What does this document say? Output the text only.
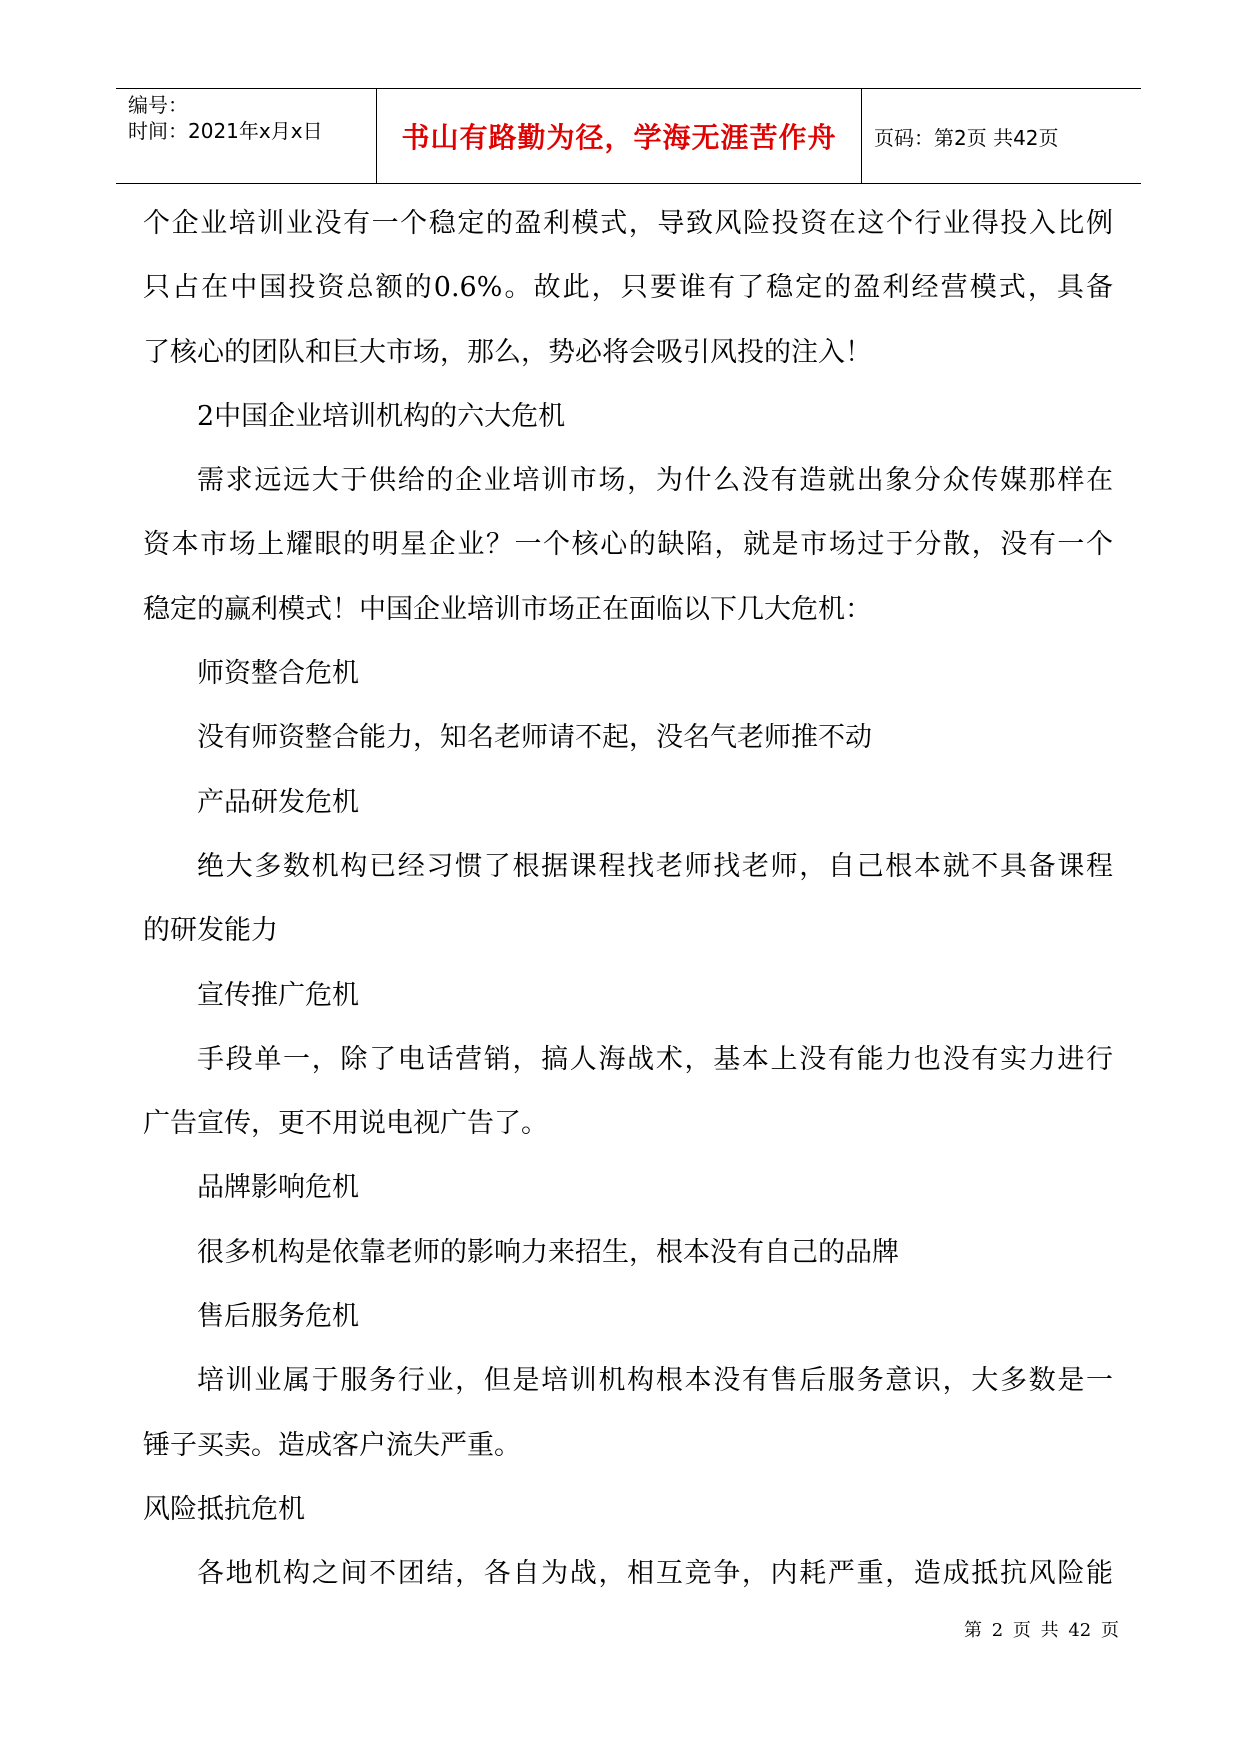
编号：
时间：2021年x月x日	书山有路勤为径，学海无涯苦作舟 页码：第2页 共42页
个企业培训业没有一个稳定的盈利模式，导致风险投资在这个行业得投入比例
只占在中国投资总额的0.6%。故此，只要谁有了稳定的盈利经营模式，具备
了核心的团队和巨大市场，那么，势必将会吸引风投的注入！
2中国企业培训机构的六大危机
需求远远大于供给的企业培训市场，为什么没有造就出象分众传媒那样在
资本市场上耀眼的明星企业？一个核心的缺陷，就是市场过于分散，没有一个
稳定的赢利模式！中国企业培训市场正在面临以下几大危机：
师资整合危机
没有师资整合能力，知名老师请不起，没名气老师推不动
产品研发危机
绝大多数机构已经习惯了根据课程找老师找老师，自己根本就不具备课程
的研发能力
宣传推广危机
手段单一，除了电话营销，搞人海战术，基本上没有能力也没有实力进行
广告宣传，更不用说电视广告了。
品牌影响危机
很多机构是依靠老师的影响力来招生，根本没有自己的品牌
售后服务危机
培训业属于服务行业，但是培训机构根本没有售后服务意识，大多数是一
锤子买卖。造成客户流失严重。
风险抵抗危机
各地机构之间不团结，各自为战，相互竞争，内耗严重，造成抵抗风险能
第 2 页 共 42 页
